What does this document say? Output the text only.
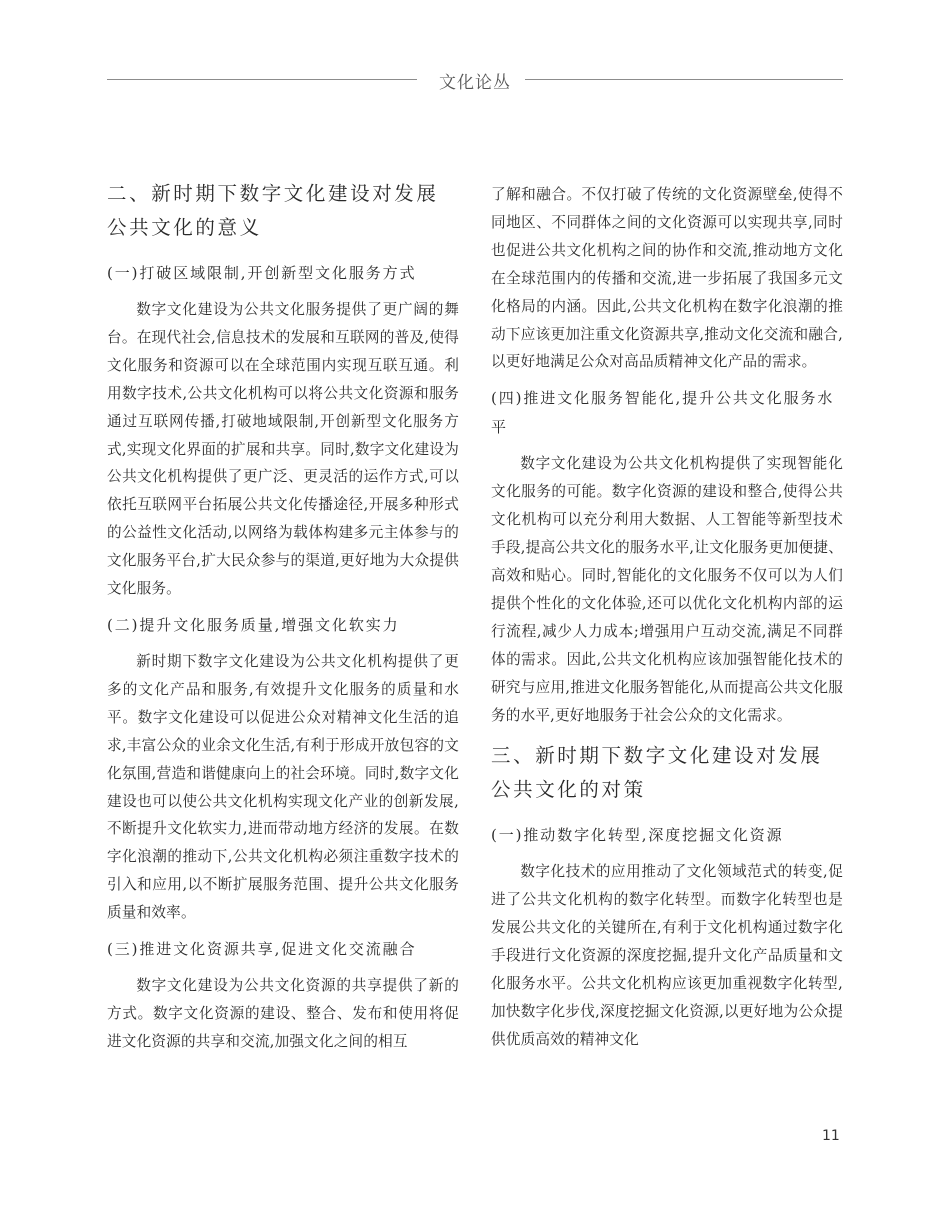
文化论丛
二、新时期下数字文化建设对发展公共文化的意义
(一)打破区域限制,开创新型文化服务方式

数字文化建设为公共文化服务提供了更广阔的舞台。在现代社会,信息技术的发展和互联网的普及,使得文化服务和资源可以在全球范围内实现互联互通。利用数字技术,公共文化机构可以将公共文化资源和服务通过互联网传播,打破地域限制,开创新型文化服务方式,实现文化界面的扩展和共享。同时,数字文化建设为公共文化机构提供了更广泛、更灵活的运作方式,可以依托互联网平台拓展公共文化传播途径,开展多种形式的公益性文化活动,以网络为载体构建多元主体参与的文化服务平台,扩大民众参与的渠道,更好地为大众提供文化服务。

(二)提升文化服务质量,增强文化软实力

新时期下数字文化建设为公共文化机构提供了更多的文化产品和服务,有效提升文化服务的质量和水平。数字文化建设可以促进公众对精神文化生活的追求,丰富公众的业余文化生活,有利于形成开放包容的文化氛围,营造和谐健康向上的社会环境。同时,数字文化建设也可以使公共文化机构实现文化产业的创新发展,不断提升文化软实力,进而带动地方经济的发展。在数字化浪潮的推动下,公共文化机构必须注重数字技术的引入和应用,以不断扩展服务范围、提升公共文化服务质量和效率。

(三)推进文化资源共享,促进文化交流融合

数字文化建设为公共文化资源的共享提供了新的方式。数字文化资源的建设、整合、发布和使用将促进文化资源的共享和交流,加强文化之间的相互

了解和融合。不仅打破了传统的文化资源壁垒,使得不同地区、不同群体之间的文化资源可以实现共享,同时也促进公共文化机构之间的协作和交流,推动地方文化在全球范围内的传播和交流,进一步拓展了我国多元文化格局的内涵。因此,公共文化机构在数字化浪潮的推动下应该更加注重文化资源共享,推动文化交流和融合,以更好地满足公众对高品质精神文化产品的需求。

(四)推进文化服务智能化,提升公共文化服务水平

数字文化建设为公共文化机构提供了实现智能化文化服务的可能。数字化资源的建设和整合,使得公共文化机构可以充分利用大数据、人工智能等新型技术手段,提高公共文化的服务水平,让文化服务更加便捷、高效和贴心。同时,智能化的文化服务不仅可以为人们提供个性化的文化体验,还可以优化文化机构内部的运行流程,减少人力成本;增强用户互动交流,满足不同群体的需求。因此,公共文化机构应该加强智能化技术的研究与应用,推进文化服务智能化,从而提高公共文化服务的水平,更好地服务于社会公众的文化需求。

三、新时期下数字文化建设对发展公共文化的对策
(一)推动数字化转型,深度挖掘文化资源

数字化技术的应用推动了文化领域范式的转变,促进了公共文化机构的数字化转型。而数字化转型也是发展公共文化的关键所在,有利于文化机构通过数字化手段进行文化资源的深度挖掘,提升文化产品质量和文化服务水平。公共文化机构应该更加重视数字化转型,加快数字化步伐,深度挖掘文化资源,以更好地为公众提供优质高效的精神文化

11
